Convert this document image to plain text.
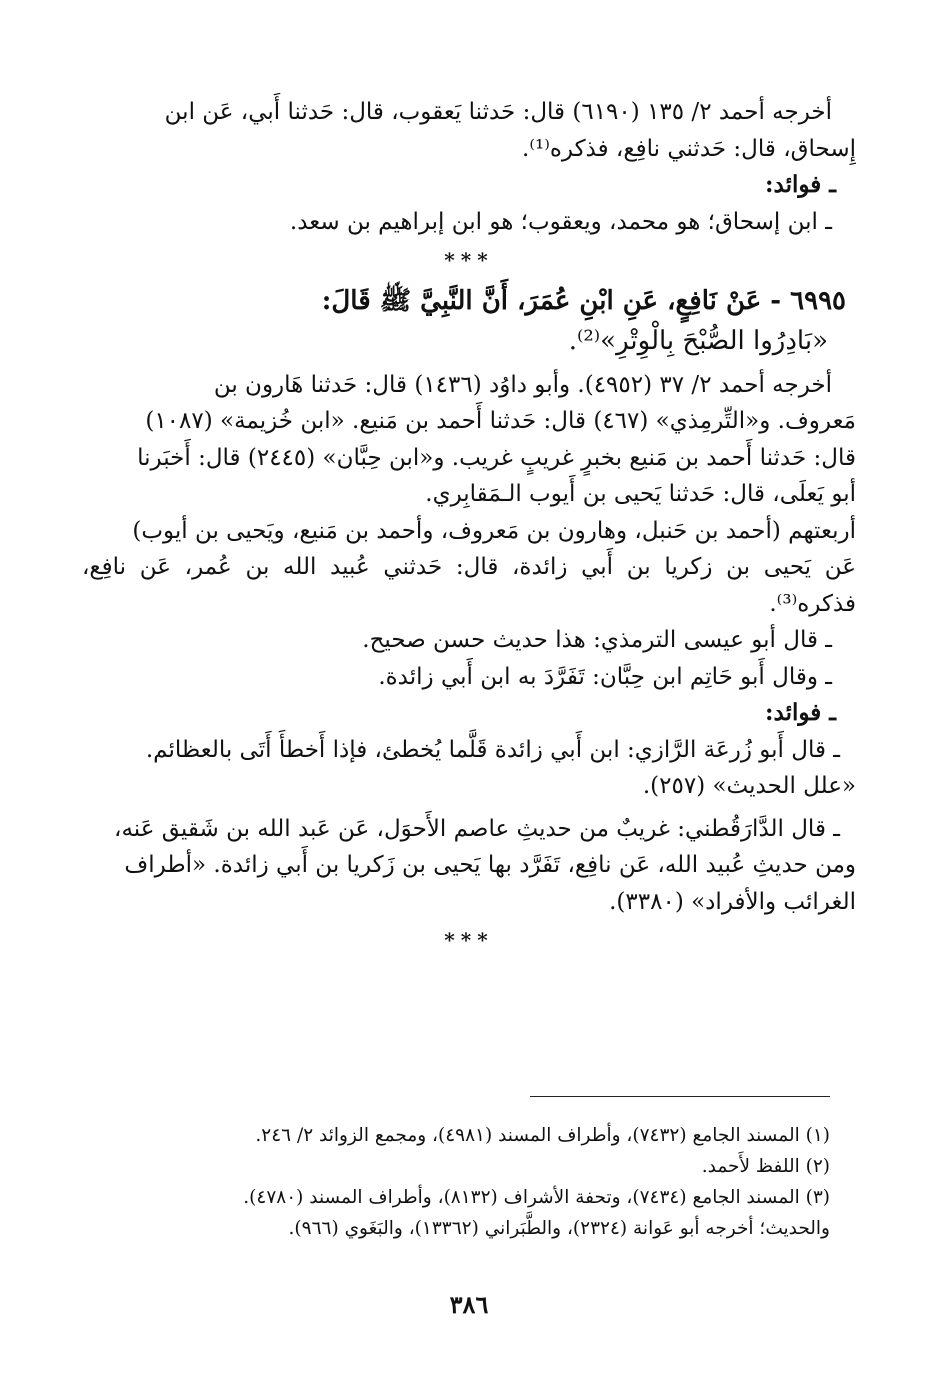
أخرجه أحمد ٢/ ١٣٥ (٦١٩٠) قال: حَدثنا يَعقوب، قال: حَدثنا أَبي، عَن ابن

إِسحاق، قال: حَدثني نافِع، فذكره⁽¹⁾.

ـ فوائد:

ـ ابن إسحاق؛ هو محمد، ويعقوب؛ هو ابن إبراهيم بن سعد.

***

٦٩٩٥ - عَنْ نَافِعٍ، عَنِ ابْنِ عُمَرَ، أَنَّ النَّبِيَّ ﷺ قَالَ:

«بَادِرُوا الصُّبْحَ بِالْوِتْرِ»⁽²⁾.

أخرجه أحمد ٢/ ٣٧ (٤٩٥٢). وأبو داوُد (١٤٣٦) قال: حَدثنا هَارون بن

مَعروف. و«التِّرمِذي» (٤٦٧) قال: حَدثنا أَحمد بن مَنيع. «ابن خُزيمة» (١٠٨٧)

قال: حَدثنا أَحمد بن مَنيع بخبرٍ غريبٍ غريب. و«ابن حِبَّان» (٢٤٤٥) قال: أَخبَرنا

أبو يَعلَى، قال: حَدثنا يَحيى بن أَيوب الـمَقابِري.

أربعتهم (أحمد بن حَنبل، وهارون بن مَعروف، وأحمد بن مَنيع، ويَحيى بن أيوب)

عَن يَحيى بن زكريا بن أَبي زائدة، قال: حَدثني عُبيد الله بن عُمر، عَن نافِع، فذكره⁽³⁾.

ـ قال أبو عيسى الترمذي: هذا حديث حسن صحيح.

ـ وقال أَبو حَاتِم ابن حِبَّان: تَفَرَّدَ به ابن أَبي زائدة.

ـ فوائد:

ـ قال أَبو زُرعَة الرَّازي: ابن أَبي زائدة قَلَّما يُخطئ، فإذا أَخطأَ أَتَى بالعظائم.

«علل الحديث» (٢٥٧).

ـ قال الدَّارَقُطني: غريبٌ من حديثِ عاصم الأَحوَل، عَن عَبد الله بن شَقيق عَنه،

ومن حديثِ عُبيد الله، عَن نافِع، تَفَرَّد بها يَحيى بن زَكريا بن أَبي زائدة. «أطراف

الغرائب والأفراد» (٣٣٨٠).

***

(١) المسند الجامع (٧٤٣٢)، وأطراف المسند (٤٩٨١)، ومجمع الزوائد ٢/ ٢٤٦.

(٢) اللفظ لأَحمد.

(٣) المسند الجامع (٧٤٣٤)، وتحفة الأشراف (٨١٣٢)، وأطراف المسند (٤٧٨٠).

والحديث؛ أخرجه أبو عَوانة (٢٣٢٤)، والطَّبَراني (١٣٣٦٢)، والبَغَوي (٩٦٦).

٣٨٦
